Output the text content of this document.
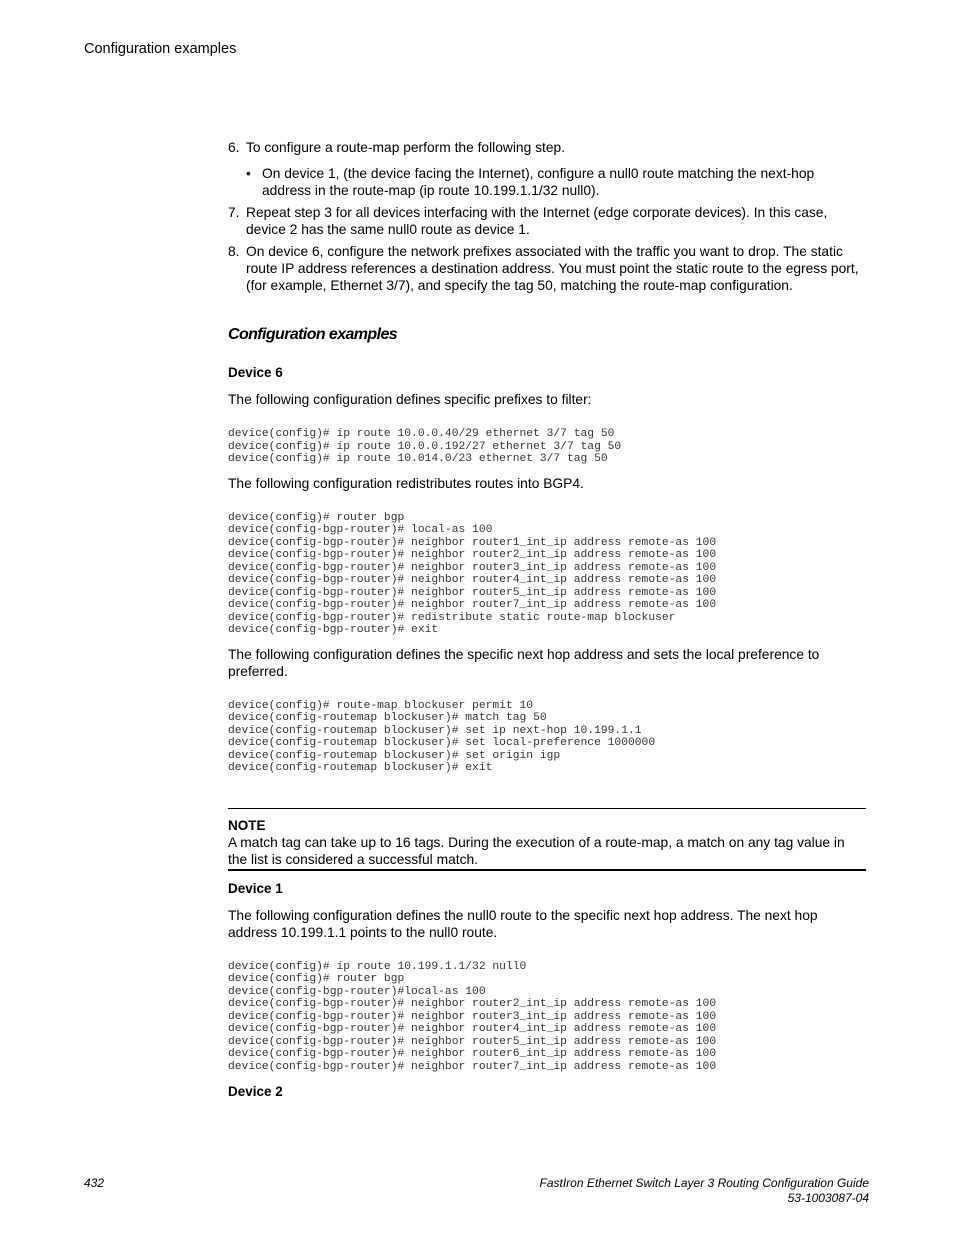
Configuration examples
6. To configure a route-map perform the following step.
• On device 1, (the device facing the Internet), configure a null0 route matching the next-hop address in the route-map (ip route 10.199.1.1/32 null0).
7. Repeat step 3 for all devices interfacing with the Internet (edge corporate devices). In this case, device 2 has the same null0 route as device 1.
8. On device 6, configure the network prefixes associated with the traffic you want to drop. The static route IP address references a destination address. You must point the static route to the egress port, (for example, Ethernet 3/7), and specify the tag 50, matching the route-map configuration.
Configuration examples
Device 6

The following configuration defines specific prefixes to filter:

device(config)# ip route 10.0.0.40/29 ethernet 3/7 tag 50
device(config)# ip route 10.0.0.192/27 ethernet 3/7 tag 50
device(config)# ip route 10.014.0/23 ethernet 3/7 tag 50

The following configuration redistributes routes into BGP4.

device(config)# router bgp
device(config-bgp-router)# local-as 100
device(config-bgp-router)# neighbor router1_int_ip address remote-as 100
device(config-bgp-router)# neighbor router2_int_ip address remote-as 100
device(config-bgp-router)# neighbor router3_int_ip address remote-as 100
device(config-bgp-router)# neighbor router4_int_ip address remote-as 100
device(config-bgp-router)# neighbor router5_int_ip address remote-as 100
device(config-bgp-router)# neighbor router7_int_ip address remote-as 100
device(config-bgp-router)# redistribute static route-map blockuser
device(config-bgp-router)# exit

The following configuration defines the specific next hop address and sets the local preference to preferred.

device(config)# route-map blockuser permit 10
device(config-routemap blockuser)# match tag 50
device(config-routemap blockuser)# set ip next-hop 10.199.1.1
device(config-routemap blockuser)# set local-preference 1000000
device(config-routemap blockuser)# set origin igp
device(config-routemap blockuser)# exit
NOTE
A match tag can take up to 16 tags. During the execution of a route-map, a match on any tag value in the list is considered a successful match.
Device 1

The following configuration defines the null0 route to the specific next hop address. The next hop address 10.199.1.1 points to the null0 route.

device(config)# ip route 10.199.1.1/32 null0
device(config)# router bgp
device(config-bgp-router)#local-as 100
device(config-bgp-router)# neighbor router2_int_ip address remote-as 100
device(config-bgp-router)# neighbor router3_int_ip address remote-as 100
device(config-bgp-router)# neighbor router4_int_ip address remote-as 100
device(config-bgp-router)# neighbor router5_int_ip address remote-as 100
device(config-bgp-router)# neighbor router6_int_ip address remote-as 100
device(config-bgp-router)# neighbor router7_int_ip address remote-as 100
Device 2
432	FastIron Ethernet Switch Layer 3 Routing Configuration Guide
53-1003087-04
